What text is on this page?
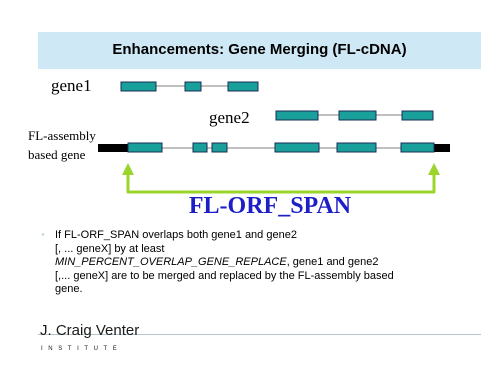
Enhancements: Gene Merging (FL-cDNA)
gene1
gene2
FL-assembly
based gene
FL-ORF_SPAN
• If FL-ORF_SPAN overlaps both gene1 and gene2
[, ... geneX] by at least
MIN_PERCENT_OVERLAP_GENE_REPLACE, gene1 and gene2
[,... geneX] are to be merged and replaced by the FL-assembly based
gene.
J. Craig Venter
INSTITUTE
